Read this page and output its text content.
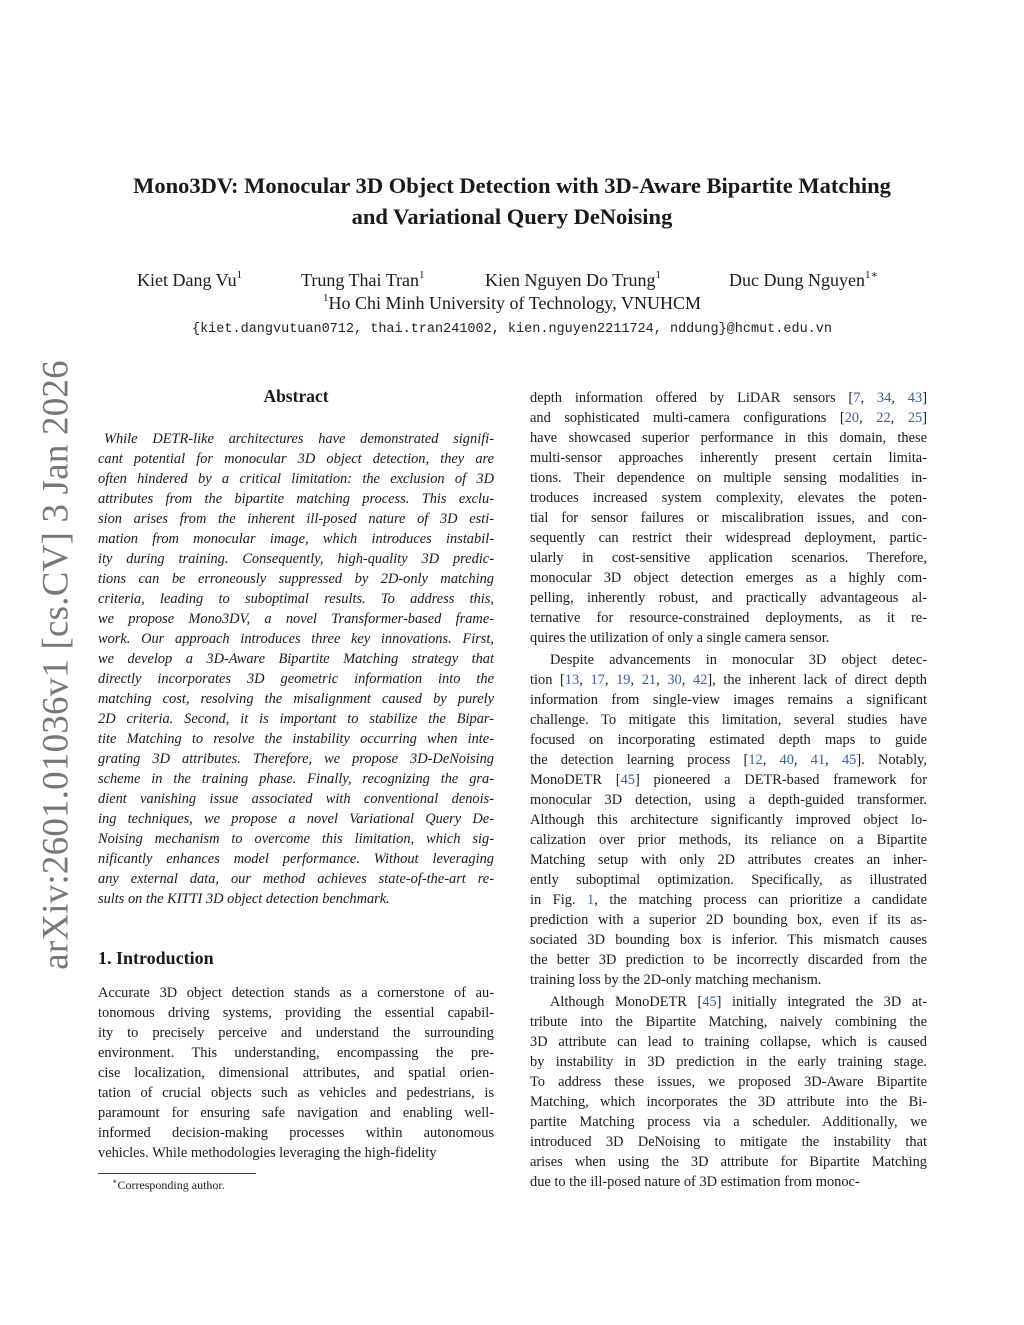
arXiv:2601.01036v1 [cs.CV] 3 Jan 2026
Mono3DV: Monocular 3D Object Detection with 3D-Aware Bipartite Matching
and Variational Query DeNoising
Kiet Dang Vu$^1$	Trung Thai Tran$^1$	Kien Nguyen Do Trung$^1$	Duc Dung Nguyen$^{1∗}$
$^1$Ho Chi Minh University of Technology, VNUHCM
{kiet.dangvutuan0712, thai.tran241002, kien.nguyen2211724, nddung}@hcmut.edu.vn
Abstract
While DETR-like architectures have demonstrated signifi-
cant potential for monocular 3D object detection, they are
often hindered by a critical limitation: the exclusion of 3D
attributes from the bipartite matching process. This exclu-
sion arises from the inherent ill-posed nature of 3D esti-
mation from monocular image, which introduces instabil-
ity during training. Consequently, high-quality 3D predic-
tions can be erroneously suppressed by 2D-only matching
criteria, leading to suboptimal results. To address this,
we propose Mono3DV, a novel Transformer-based frame-
work. Our approach introduces three key innovations. First,
we develop a 3D-Aware Bipartite Matching strategy that
directly incorporates 3D geometric information into the
matching cost, resolving the misalignment caused by purely
2D criteria. Second, it is important to stabilize the Bipar-
tite Matching to resolve the instability occurring when inte-
grating 3D attributes. Therefore, we propose 3D-DeNoising
scheme in the training phase. Finally, recognizing the gra-
dient vanishing issue associated with conventional denois-
ing techniques, we propose a novel Variational Query De-
Noising mechanism to overcome this limitation, which sig-
nificantly enhances model performance. Without leveraging
any external data, our method achieves state-of-the-art re-
sults on the KITTI 3D object detection benchmark.
1. Introduction
Accurate 3D object detection stands as a cornerstone of au-
tonomous driving systems, providing the essential capabil-
ity to precisely perceive and understand the surrounding
environment. This understanding, encompassing the pre-
cise localization, dimensional attributes, and spatial orien-
tation of crucial objects such as vehicles and pedestrians, is
paramount for ensuring safe navigation and enabling well-
informed decision-making processes within autonomous
vehicles. While methodologies leveraging the high-fidelity
∗Corresponding author.
depth information offered by LiDAR sensors [7, 34, 43]
and sophisticated multi-camera configurations [20, 22, 25]
have showcased superior performance in this domain, these
multi-sensor approaches inherently present certain limita-
tions. Their dependence on multiple sensing modalities in-
troduces increased system complexity, elevates the poten-
tial for sensor failures or miscalibration issues, and con-
sequently can restrict their widespread deployment, partic-
ularly in cost-sensitive application scenarios. Therefore,
monocular 3D object detection emerges as a highly com-
pelling, inherently robust, and practically advantageous al-
ternative for resource-constrained deployments, as it re-
quires the utilization of only a single camera sensor.
Despite advancements in monocular 3D object detec-
tion [13, 17, 19, 21, 30, 42], the inherent lack of direct depth
information from single-view images remains a significant
challenge. To mitigate this limitation, several studies have
focused on incorporating estimated depth maps to guide
the detection learning process [12, 40, 41, 45]. Notably,
MonoDETR [45] pioneered a DETR-based framework for
monocular 3D detection, using a depth-guided transformer.
Although this architecture significantly improved object lo-
calization over prior methods, its reliance on a Bipartite
Matching setup with only 2D attributes creates an inher-
ently suboptimal optimization. Specifically, as illustrated
in Fig. 1, the matching process can prioritize a candidate
prediction with a superior 2D bounding box, even if its as-
sociated 3D bounding box is inferior. This mismatch causes
the better 3D prediction to be incorrectly discarded from the
training loss by the 2D-only matching mechanism.
Although MonoDETR [45] initially integrated the 3D at-
tribute into the Bipartite Matching, naively combining the
3D attribute can lead to training collapse, which is caused
by instability in 3D prediction in the early training stage.
To address these issues, we proposed 3D-Aware Bipartite
Matching, which incorporates the 3D attribute into the Bi-
partite Matching process via a scheduler. Additionally, we
introduced 3D DeNoising to mitigate the instability that
arises when using the 3D attribute for Bipartite Matching
due to the ill-posed nature of 3D estimation from monoc-
